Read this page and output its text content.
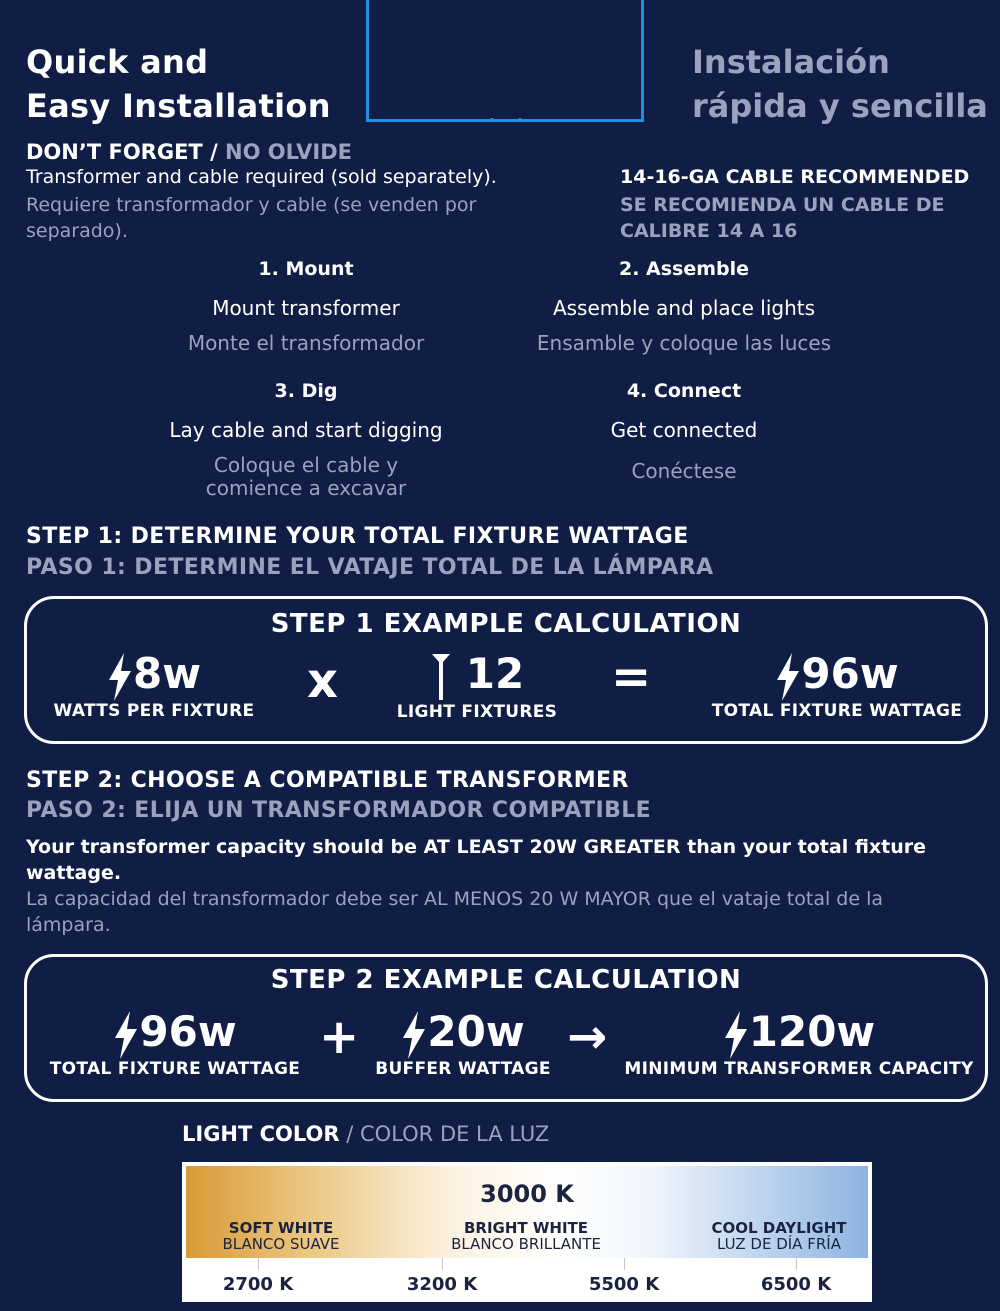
Quick and
Easy Installation
Instalación
rápida y sencilla
DON’T FORGET / NO OLVIDE
Transformer and cable required (sold separately).
Requiere transformador y cable (se venden por separado).
14-16-GA CABLE RECOMMENDED
SE RECOMIENDA UN CABLE DE CALIBRE 14 A 16
1. Mount
Mount transformer
Monte el transformador
2. Assemble
Assemble and place lights
Ensamble y coloque las luces
3. Dig
Lay cable and start digging
Coloque el cable y comience a excavar
4. Connect
Get connected
Conéctese
STEP 1: DETERMINE YOUR TOTAL FIXTURE WATTAGE
PASO 1: DETERMINE EL VATAJE TOTAL DE LA LÁMPARA
STEP 1 EXAMPLE CALCULATION
8w
WATTS PER FIXTURE
x	12
LIGHT FIXTURES
=	96w
TOTAL FIXTURE WATTAGE
STEP 2: CHOOSE A COMPATIBLE TRANSFORMER
PASO 2: ELIJA UN TRANSFORMADOR COMPATIBLE
Your transformer capacity should be AT LEAST 20W GREATER than your total fixture wattage.
La capacidad del transformador debe ser AL MENOS 20 W MAYOR que el vataje total de la lámpara.
STEP 2 EXAMPLE CALCULATION
96w
TOTAL FIXTURE WATTAGE
+	20w
BUFFER WATTAGE
→	120w
MINIMUM TRANSFORMER CAPACITY
LIGHT COLOR / COLOR DE LA LUZ
3000 K
SOFT WHITE
BLANCO SUAVE
BRIGHT WHITE
BLANCO BRILLANTE
COOL DAYLIGHT
LUZ DE DÍA FRÍA
2700 K	3200 K	5500 K	6500 K
